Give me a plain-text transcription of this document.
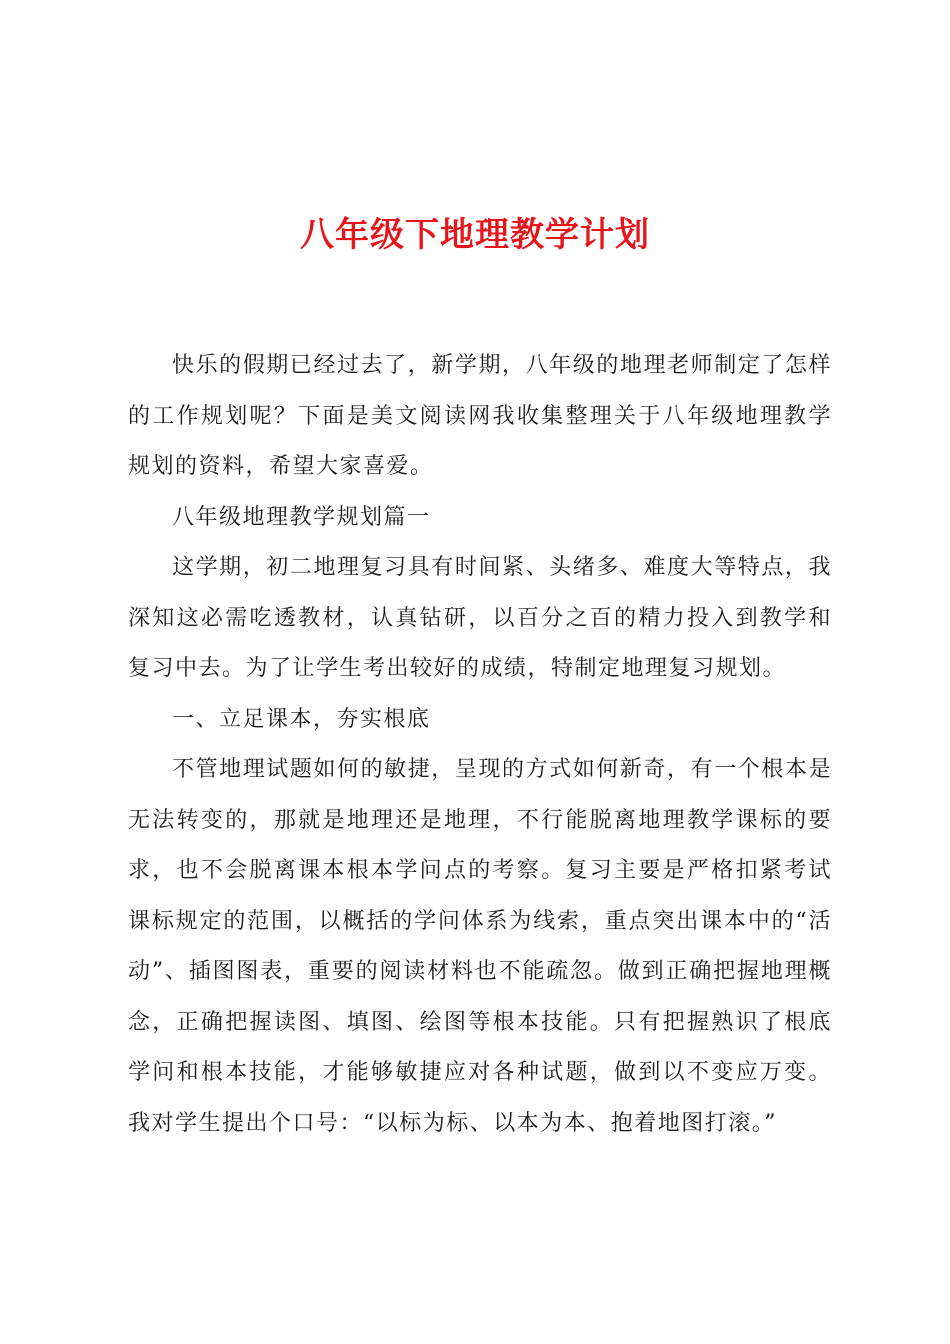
八年级下地理教学计划

快乐的假期已经过去了，新学期，八年级的地理老师制定了怎样的工作规划呢？下面是美文阅读网我收集整理关于八年级地理教学规划的资料，希望大家喜爱。

八年级地理教学规划篇一

这学期，初二地理复习具有时间紧、头绪多、难度大等特点，我深知这必需吃透教材，认真钻研，以百分之百的精力投入到教学和复习中去。为了让学生考出较好的成绩，特制定地理复习规划。

一、立足课本，夯实根底

不管地理试题如何的敏捷，呈现的方式如何新奇，有一个根本是无法转变的，那就是地理还是地理，不行能脱离地理教学课标的要求，也不会脱离课本根本学问点的考察。复习主要是严格扣紧考试课标规定的范围，以概括的学问体系为线索，重点突出课本中的“活动”、插图图表，重要的阅读材料也不能疏忽。做到正确把握地理概念，正确把握读图、填图、绘图等根本技能。只有把握熟识了根底学问和根本技能，才能够敏捷应对各种试题，做到以不变应万变。我对学生提出个口号：“以标为标、以本为本、抱着地图打滚。”
